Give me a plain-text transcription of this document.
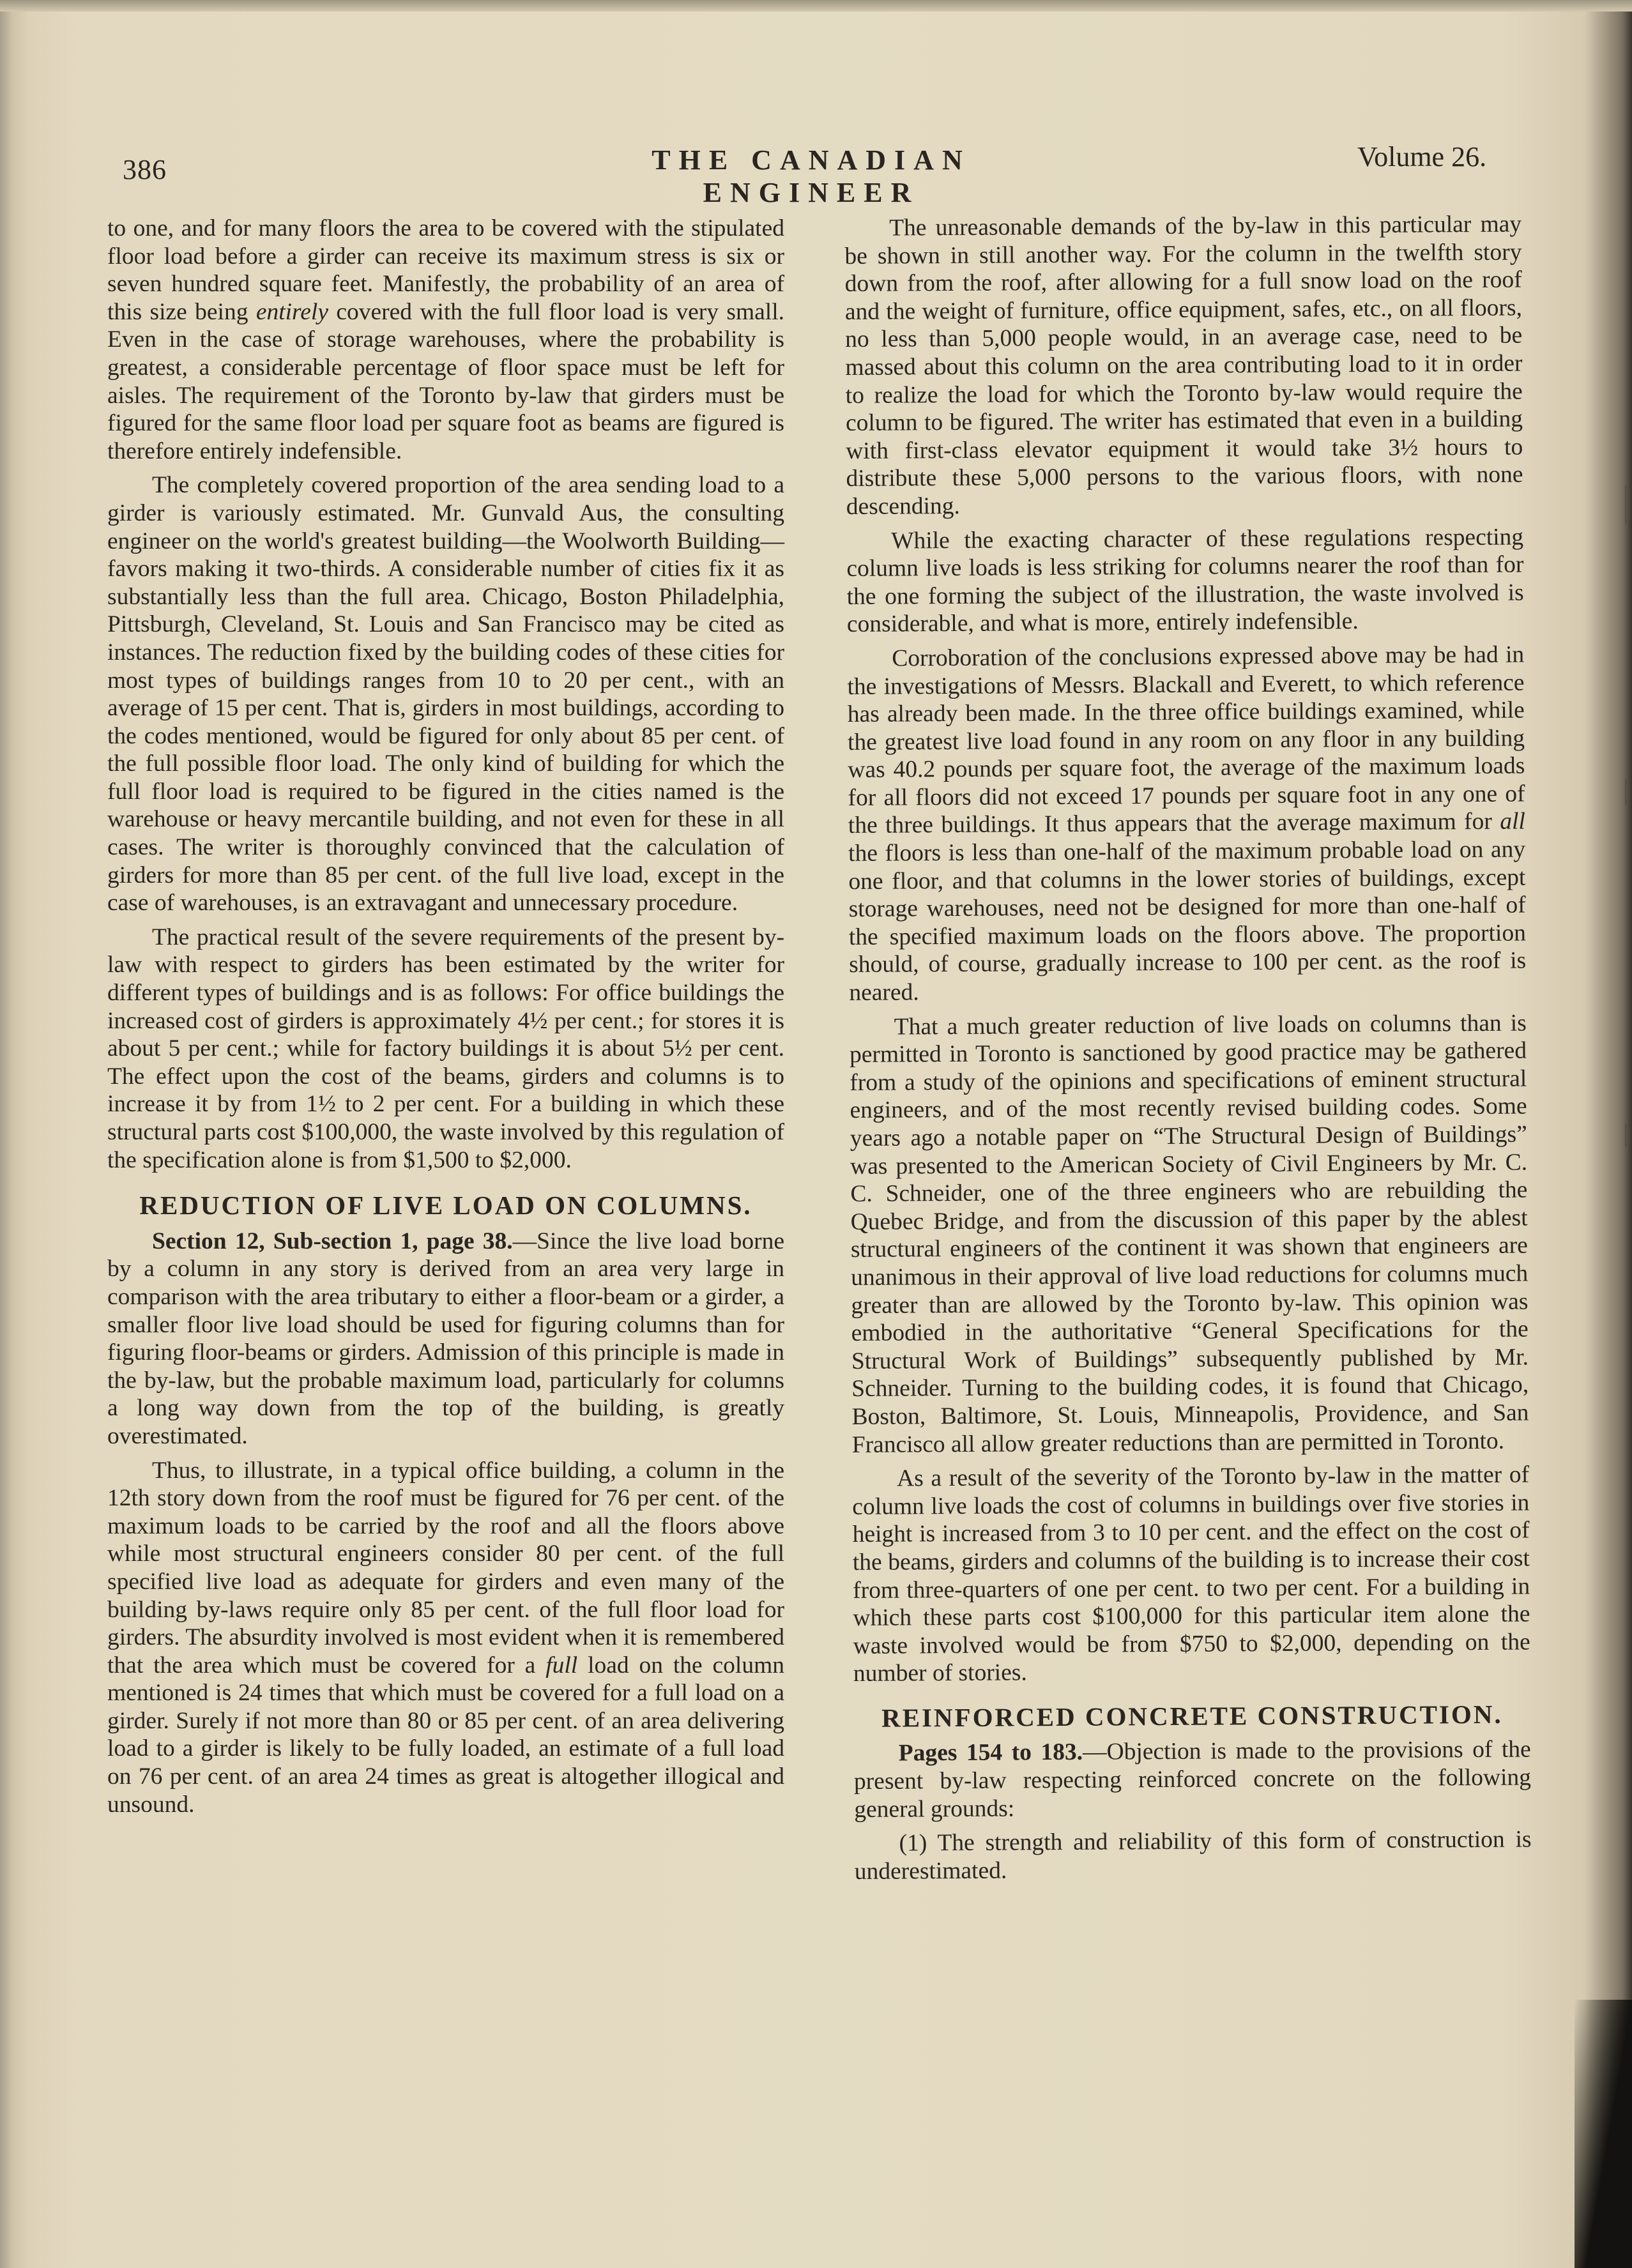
386	THE CANADIAN ENGINEER
Volume 26.

to one, and for many floors the area to be covered with the stipulated floor load before a girder can receive its maximum stress is six or seven hundred square feet. Manifestly, the probability of an area of this size being entirely covered with the full floor load is very small. Even in the case of storage warehouses, where the probability is greatest, a considerable percentage of floor space must be left for aisles. The requirement of the Toronto by-law that girders must be figured for the same floor load per square foot as beams are figured is therefore entirely indefensible.

The completely covered proportion of the area sending load to a girder is variously estimated. Mr. Gunvald Aus, the consulting engineer on the world's greatest building—the Woolworth Building—favors making it two-thirds. A considerable number of cities fix it as substantially less than the full area. Chicago, Boston Philadelphia, Pittsburgh, Cleveland, St. Louis and San Francisco may be cited as instances. The reduction fixed by the building codes of these cities for most types of buildings ranges from 10 to 20 per cent., with an average of 15 per cent. That is, girders in most buildings, according to the codes mentioned, would be figured for only about 85 per cent. of the full possible floor load. The only kind of building for which the full floor load is required to be figured in the cities named is the warehouse or heavy mercantile building, and not even for these in all cases. The writer is thoroughly convinced that the calculation of girders for more than 85 per cent. of the full live load, except in the case of warehouses, is an extravagant and unnecessary procedure.

The practical result of the severe requirements of the present by-law with respect to girders has been estimated by the writer for different types of buildings and is as follows: For office buildings the increased cost of girders is approximately 4½ per cent.; for stores it is about 5 per cent.; while for factory buildings it is about 5½ per cent. The effect upon the cost of the beams, girders and columns is to increase it by from 1½ to 2 per cent. For a building in which these structural parts cost $100,000, the waste involved by this regulation of the specification alone is from $1,500 to $2,000.

REDUCTION OF LIVE LOAD ON COLUMNS.

Section 12, Sub-section 1, page 38.—Since the live load borne by a column in any story is derived from an area very large in comparison with the area tributary to either a floor-beam or a girder, a smaller floor live load should be used for figuring columns than for figuring floor-beams or girders. Admission of this principle is made in the by-law, but the probable maximum load, particularly for columns a long way down from the top of the building, is greatly overestimated.

Thus, to illustrate, in a typical office building, a column in the 12th story down from the roof must be figured for 76 per cent. of the maximum loads to be carried by the roof and all the floors above while most structural engineers consider 80 per cent. of the full specified live load as adequate for girders and even many of the building by-laws require only 85 per cent. of the full floor load for girders. The absurdity involved is most evident when it is remembered that the area which must be covered for a full load on the column mentioned is 24 times that which must be covered for a full load on a girder. Surely if not more than 80 or 85 per cent. of an area delivering load to a girder is likely to be fully loaded, an estimate of a full load on 76 per cent. of an area 24 times as great is altogether illogical and unsound.

The unreasonable demands of the by-law in this particular may be shown in still another way. For the column in the twelfth story down from the roof, after allowing for a full snow load on the roof and the weight of furniture, office equipment, safes, etc., on all floors, no less than 5,000 people would, in an average case, need to be massed about this column on the area contributing load to it in order to realize the load for which the Toronto by-law would require the column to be figured. The writer has estimated that even in a building with first-class elevator equipment it would take 3½ hours to distribute these 5,000 persons to the various floors, with none descending.

While the exacting character of these regulations respecting column live loads is less striking for columns nearer the roof than for the one forming the subject of the illustration, the waste involved is considerable, and what is more, entirely indefensible.

Corroboration of the conclusions expressed above may be had in the investigations of Messrs. Blackall and Everett, to which reference has already been made. In the three office buildings examined, while the greatest live load found in any room on any floor in any building was 40.2 pounds per square foot, the average of the maximum loads for all floors did not exceed 17 pounds per square foot in any one of the three buildings. It thus appears that the average maximum for all the floors is less than one-half of the maximum probable load on any one floor, and that columns in the lower stories of buildings, except storage warehouses, need not be designed for more than one-half of the specified maximum loads on the floors above. The proportion should, of course, gradually increase to 100 per cent. as the roof is neared.

That a much greater reduction of live loads on columns than is permitted in Toronto is sanctioned by good practice may be gathered from a study of the opinions and specifications of eminent structural engineers, and of the most recently revised building codes. Some years ago a notable paper on “The Structural Design of Buildings” was presented to the American Society of Civil Engineers by Mr. C. C. Schneider, one of the three engineers who are rebuilding the Quebec Bridge, and from the discussion of this paper by the ablest structural engineers of the continent it was shown that engineers are unanimous in their approval of live load reductions for columns much greater than are allowed by the Toronto by-law. This opinion was embodied in the authoritative “General Specifications for the Structural Work of Buildings” subsequently published by Mr. Schneider. Turning to the building codes, it is found that Chicago, Boston, Baltimore, St. Louis, Minneapolis, Providence, and San Francisco all allow greater reductions than are permitted in Toronto.

As a result of the severity of the Toronto by-law in the matter of column live loads the cost of columns in buildings over five stories in height is increased from 3 to 10 per cent. and the effect on the cost of the beams, girders and columns of the building is to increase their cost from three-quarters of one per cent. to two per cent. For a building in which these parts cost $100,000 for this particular item alone the waste involved would be from $750 to $2,000, depending on the number of stories.

REINFORCED CONCRETE CONSTRUCTION.

Pages 154 to 183.—Objection is made to the provisions of the present by-law respecting reinforced concrete on the following general grounds:

(1) The strength and reliability of this form of construction is underestimated.
